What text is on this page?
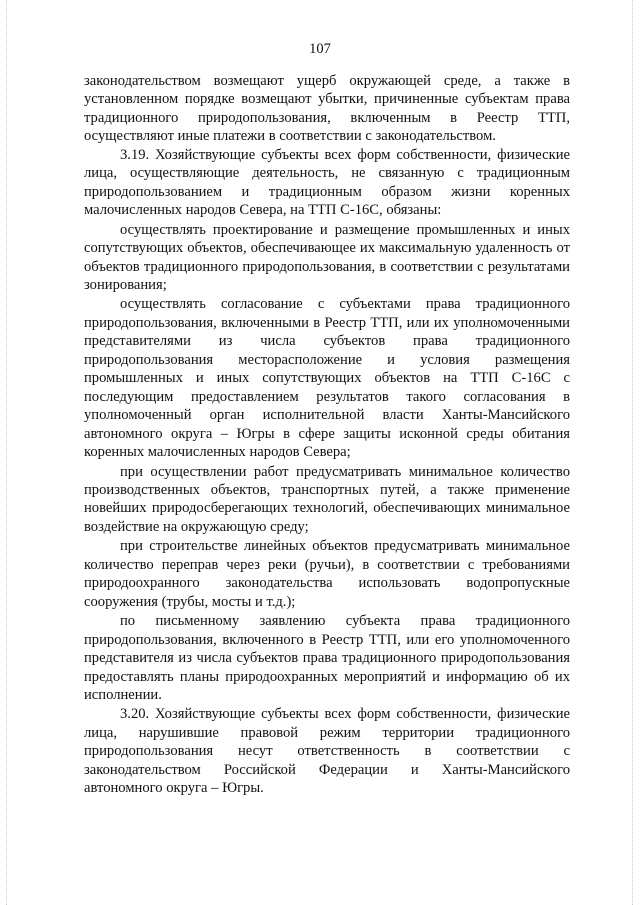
107

законодательством возмещают ущерб окружающей среде, а также в установленном порядке возмещают убытки, причиненные субъектам права традиционного природопользования, включенным в Реестр ТТП, осуществляют иные платежи в соответствии с законодательством.

3.19. Хозяйствующие субъекты всех форм собственности, физические лица, осуществляющие деятельность, не связанную с традиционным природопользованием и традиционным образом жизни коренных малочисленных народов Севера, на ТТП С-16С, обязаны:

осуществлять проектирование и размещение промышленных и иных сопутствующих объектов, обеспечивающее их максимальную удаленность от объектов традиционного природопользования, в соответствии с результатами зонирования;

осуществлять согласование с субъектами права традиционного природопользования, включенными в Реестр ТТП, или их уполномоченными представителями из числа субъектов права традиционного природопользования месторасположение и условия размещения промышленных и иных сопутствующих объектов на ТТП С-16С с последующим предоставлением результатов такого согласования в уполномоченный орган исполнительной власти Ханты-Мансийского автономного округа – Югры в сфере защиты исконной среды обитания коренных малочисленных народов Севера;

при осуществлении работ предусматривать минимальное количество производственных объектов, транспортных путей, а также применение новейших природосберегающих технологий, обеспечивающих минимальное воздействие на окружающую среду;

при строительстве линейных объектов предусматривать минимальное количество переправ через реки (ручьи), в соответствии с требованиями природоохранного законодательства использовать водопропускные сооружения (трубы, мосты и т.д.);

по письменному заявлению субъекта права традиционного природопользования, включенного в Реестр ТТП, или его уполномоченного представителя из числа субъектов права традиционного природопользования предоставлять планы природоохранных мероприятий и информацию об их исполнении.

3.20. Хозяйствующие субъекты всех форм собственности, физические лица, нарушившие правовой режим территории традиционного природопользования несут ответственность в соответствии с законодательством Российской Федерации и Ханты-Мансийского автономного округа – Югры.
